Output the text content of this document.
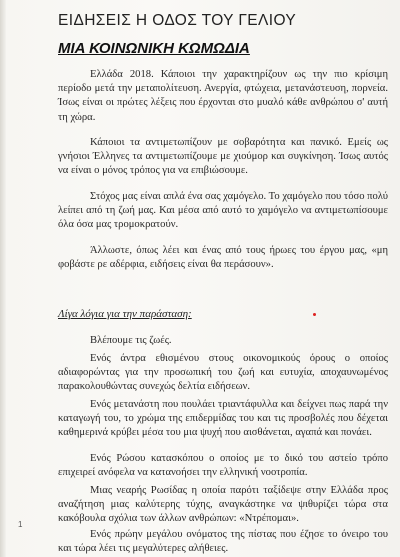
ΕΙΔΗΣΕΙΣ Η ΟΔΟΣ ΤΟΥ ΓΕΛΙΟΥ
ΜΙΑ ΚΟΙΝΩΝΙΚΗ ΚΩΜΩΔΙΑ

Ελλάδα 2018. Κάποιοι την χαρακτηρίζουν ως την πιο κρίσιμη περίοδο μετά την μεταπολίτευση. Ανεργία, φτώχεια, μετανάστευση, πορνεία. Ίσως είναι οι πρώτες λέξεις που έρχονται στο μυαλό κάθε ανθρώπου σ' αυτή τη χώρα.

Κάποιοι τα αντιμετωπίζουν με σοβαρότητα και πανικό. Εμείς ως γνήσιοι Έλληνες τα αντιμετωπίζουμε με χιούμορ και συγκίνηση. Ίσως αυτός να είναι ο μόνος τρόπος για να επιβιώσουμε.

Στόχος μας είναι απλά ένα σας χαμόγελο. Το χαμόγελο που τόσο πολύ λείπει από τη ζωή μας. Και μέσα από αυτό το χαμόγελο να αντιμετωπίσουμε όλα όσα μας τρομοκρατούν.

Άλλωστε, όπως λέει και ένας από τους ήρωες του έργου μας, «μη φοβάστε ρε αδέρφια, ειδήσεις είναι θα περάσουν».

Λίγα λόγια για την παράσταση:

Βλέπουμε τις ζωές.

Ενός άντρα εθισμένου στους οικονομικούς όρους ο οποίος αδιαφορώντας για την προσωπική του ζωή και ευτυχία, αποχαυνωμένος παρακολουθώντας συνεχώς δελτία ειδήσεων.

Ενός μετανάστη που πουλάει τριαντάφυλλα και δείχνει πως παρά την καταγωγή του, το χρώμα της επιδερμίδας του και τις προσβολές που δέχεται καθημερινά κρύβει μέσα του μια ψυχή που αισθάνεται, αγαπά και πονάει.

Ενός Ρώσου κατασκόπου ο οποίος με το δικό του αστείο τρόπο επιχειρεί ανόφελα να κατανοήσει την ελληνική νοοτροπία.

Μιας νεαρής Ρωσίδας η οποία παρότι ταξίδεψε στην Ελλάδα προς αναζήτηση μιας καλύτερης τύχης, αναγκάστηκε να ψιθυρίζει τώρα στα κακόβουλα σχόλια των άλλων ανθρώπων: «Ντρέπομαι».

Ενός πρώην μεγάλου ονόματος της πίστας που έζησε το όνειρο του και τώρα λέει τις μεγαλύτερες αλήθειες.

1
